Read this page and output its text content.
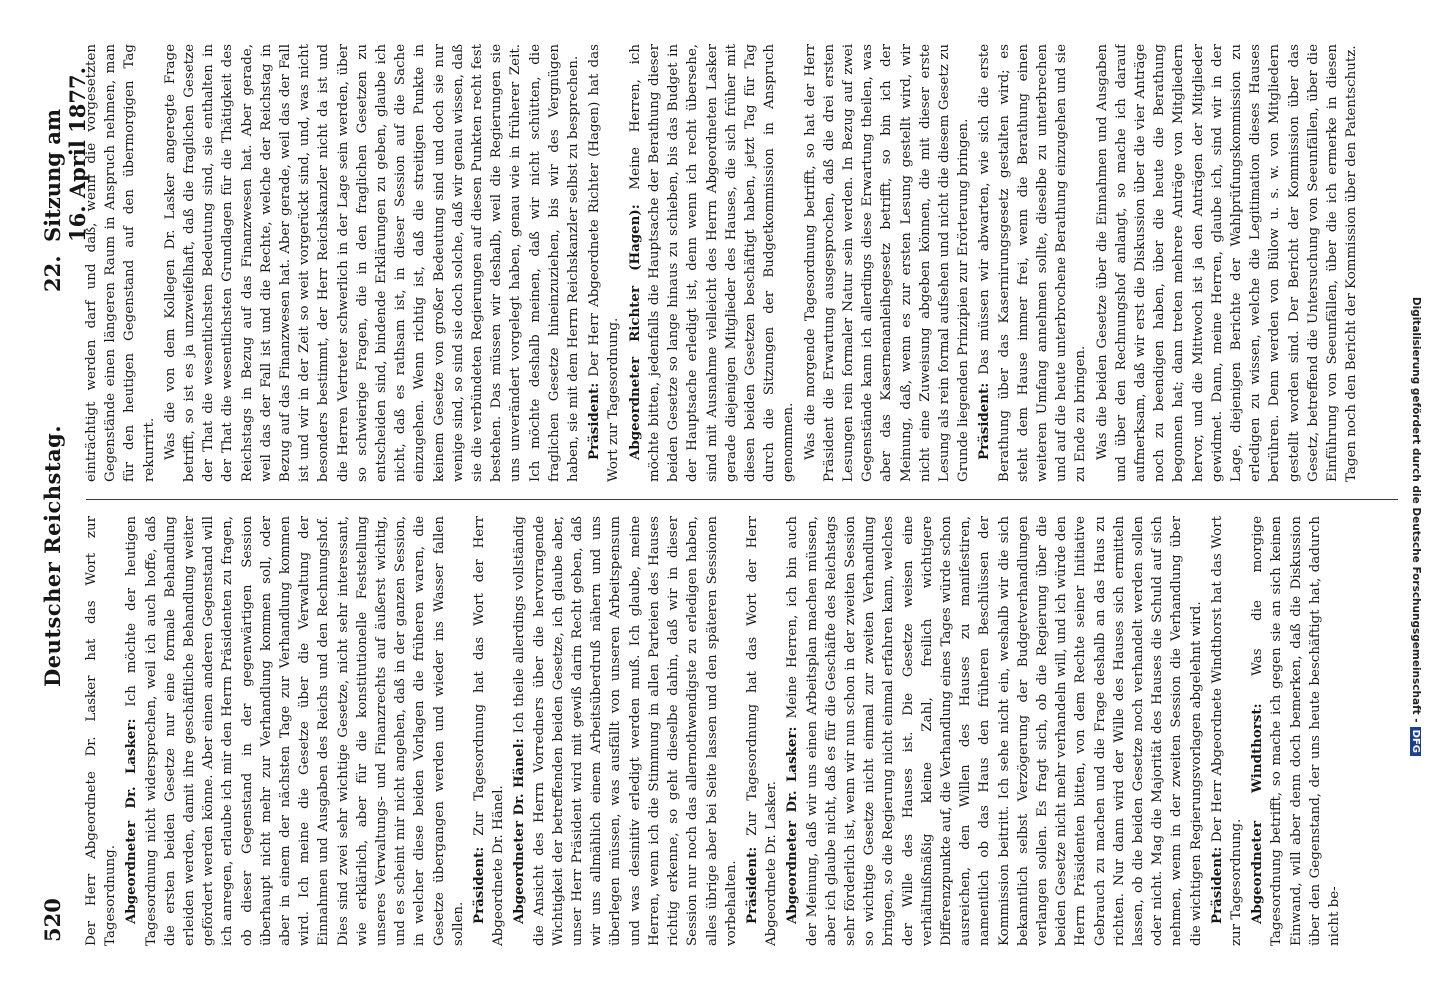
520
Deutscher Reichstag.
22.
Sitzung am 16. April 1877.

Der Herr Abgeordnete Dr. Lasker hat das Wort zur Tagesordnung. Abgeordneter Dr. Lasker: Ich möchte der heutigen Tagesordnung nicht widersprechen, weil ich auch hoffe, daß die ersten beiden Gesetze nur eine formale Behandlung erleiden werden, damit ihre geschäftliche Behandlung weiter gefördert werden könne. Aber einen anderen Gegenstand will ich anregen, erlaube ich mir den Herrn Präsidenten zu fragen, ob dieser Gegenstand in der gegenwärtigen Session überhaupt nicht mehr zur Verhandlung kommen soll, oder aber in einem der nächsten Tage zur Verhandlung kommen wird. Ich meine die Gesetze über die Verwaltung der Einnahmen und Ausgaben des Reichs und den Rechnungshof. Dies sind zwei sehr wichtige Gesetze, nicht sehr interessant, wie erklärlich, aber für die konstitutionelle Feststellung unseres Verwaltungs- und Finanzrechts auf äußerst wichtig, und es scheint mir nicht angehen, daß in der ganzen Session, in welcher diese beiden Vorlagen die früheren waren, die Gesetze übergangen werden und wieder ins Wasser fallen sollen. Präsident: Zur Tagesordnung hat das Wort der Herr Abgeordnete Dr. Hänel. Abgeordneter Dr. Hänel: Ich theile allerdings vollständig die Ansicht des Herrn Vorredners über die hervorragende Wichtigkeit der betreffenden beiden Gesetze, ich glaube aber, unser Herr Präsident wird mit gewiß darin Recht geben, daß wir uns allmählich einem Arbeitsüberdruß nähern und uns überlegen müssen, was ausfällt von unseren Arbeitspensum und was desinitiv erledigt werden muß. Ich glaube, meine Herren, wenn ich die Stimmung in allen Parteien des Hauses richtig erkenne, so geht dieselbe dahin, daß wir in dieser Session nur noch das allernothwendigste zu erledigen haben, alles übrige aber bei Seite lassen und den späteren Sessionen vorbehalten. Präsident: Zur Tagesordnung hat das Wort der Herr Abgeordnete Dr. Lasker. Abgeordneter Dr. Lasker: Meine Herren, ich bin auch der Meinung, daß wir uns einen Arbeitsplan machen müssen, aber ich glaube nicht, daß es für die Geschäfte des Reichstags sehr förderlich ist, wenn wir nun schon in der zweiten Session so wichtige Gesetze nicht einmal zur zweiten Verhandlung bringen, so die Regierung nicht einmal erfahren kann, welches der Wille des Hauses ist. Die Gesetze weisen eine verhältnißmäßig kleine Zahl, freilich wichtigere Differenzpunkte auf, die Verhandlung eines Tages würde schon ausreichen, den Willen des Hauses zu manifestiren, namentlich ob das Haus den früheren Beschlüssen der Kommission beitritt. Ich sehe nicht ein, weshalb wir die sich bekanntlich selbst Verzögerung der Budgetverhandlungen verlangen sollen. Es fragt sich, ob die Regierung über die beiden Gesetze nicht mehr verhandeln will, und ich würde den Herrn Präsidenten bitten, von dem Rechte seiner Initiative Gebrauch zu machen und die Frage deshalb an das Haus zu richten. Nur dann wird der Wille des Hauses sich ermitteln lassen, ob die beiden Gesetze noch verhandelt werden sollen oder nicht. Mag die Majorität des Hauses die Schuld auf sich nehmen, wenn in der zweiten Session die Verhandlung über die wichtigen Regierungsvorlagen abgelehnt wird. Präsident: Der Herr Abgeordnete Windthorst hat das Wort zur Tagesordnung. Abgeordneter Windthorst: Was die morgige Tagesordnung betrifft, so mache ich gegen sie an sich keinen Einwand, will aber denn doch bemerken, daß die Diskussion über den Gegenstand, der uns heute beschäftigt hat, dadurch nicht be-

einträchtigt werden darf und daß, wenn die vorgesetzten Gegenstände einen längeren Raum in Anspruch nehmen, man für den heutigen Gegenstand auf den übermorgigen Tag rekurrirt. Was die von dem Kollegen Dr. Lasker angeregte Frage betrifft, so ist es ja unzweifelhaft, daß die fraglichen Gesetze der That die wesentlichsten Bedeutung sind, sie enthalten in der That die wesentlichsten Grundlagen für die Thätigkeit des Reichstags in Bezug auf das Finanzwesen hat. Aber gerade, weil das der Fall ist und die Rechte, welche der Reichstag in Bezug auf das Finanzwesen hat. Aber gerade, weil das der Fall ist und wir in der Zeit so weit vorgerückt sind, und, was nicht besonders bestimmt, der Herr Reichskanzler nicht da ist und die Herren Vertreter schwerlich in der Lage sein werden, über so schwierige Fragen, die in den fraglichen Gesetzen zu entscheiden sind, bindende Erklärungen zu geben, glaube ich nicht, daß es rathsam ist, in dieser Session auf die Sache einzugehen. Wenn richtig ist, daß die streitigen Punkte in keinem Gesetze von großer Bedeutung sind und doch sie nur wenige sind, so sind sie doch solche, daß wir genau wissen, daß sie die verbündeten Regierungen auf diesen Punkten recht fest bestehen. Das müssen wir deshalb, weil die Regierungen sie uns unverändert vorgelegt haben, genau wie in früherer Zeit. Ich möchte deshalb meinen, daß wir nicht schütten, die fraglichen Gesetze hineinzuziehen, bis wir des Vergnügen haben, sie mit dem Herrn Reichskanzler selbst zu besprechen. Präsident: Der Herr Abgeordnete Richter (Hagen) hat das Wort zur Tagesordnung. Abgeordneter Richter (Hagen): Meine Herren, ich möchte bitten, jedenfalls die Hauptsache der Berathung dieser beiden Gesetze so lange hinaus zu schieben, bis das Budget in der Hauptsache erledigt ist, denn wenn ich recht übersehe, sind mit Ausnahme vielleicht des Herrn Abgeordneten Lasker gerade diejenigen Mitglieder des Hauses, die sich früher mit diesen beiden Gesetzen beschäftigt haben, jetzt Tag für Tag durch die Sitzungen der Budgetkommission in Anspruch genommen. Was die morgende Tagesordnung betrifft, so hat der Herr Präsident die Erwartung ausgesprochen, daß die drei ersten Lesungen rein formaler Natur sein werden. In Bezug auf zwei Gegenstände kann ich allerdings diese Erwartung theilen, was aber das Kasernenanleihegesetz betrifft, so bin ich der Meinung, daß, wenn es zur ersten Lesung gestellt wird, wir nicht eine Zuweisung abgeben können, die mit dieser erste Lesung als rein formal aufsehen und nicht die diesem Gesetz zu Grunde liegenden Prinzipien zur Erörterung bringen. Präsident: Das müssen wir abwarten, wie sich die erste Berathung über das Kasernirungsgesetz gestalten wird; es steht dem Hause immer frei, wenn die Berathung einen weiteren Umfang annehmen sollte, dieselbe zu unterbrechen und auf die heute unterbrochene Berathung einzugehen und sie zu Ende zu bringen. Was die beiden Gesetze über die Einnahmen und Ausgaben und über den Rechnungshof anlangt, so mache ich darauf aufmerksam, daß wir erst die Diskussion über die vier Anträge noch zu beendigen haben, über die heute die Berathung begonnen hat; dann treten mehrere Anträge von Mitgliedern hervor, und die Mittwoch ist ja den Anträgen der Mitglieder gewidmet. Dann, meine Herren, glaube ich, sind wir in der Lage, diejenigen Berichte der Wahlprüfungskommission zu erledigen zu wissen, welche die Legitimation dieses Hauses berühren. Denn werden von Bülow u. s. w. von Mitgliedern gestellt worden sind. Der Bericht der Kommission über das Gesetz, betreffend die Untersuchung von Seeunfällen, über die Einführung von Seeunfällen, über die ich ermerke in diesen Tagen noch den Bericht der Kommission über den Patentschutz.

Digitalisierung gefördert durch die Deutsche Forschungsgemeinschaft -DFG
